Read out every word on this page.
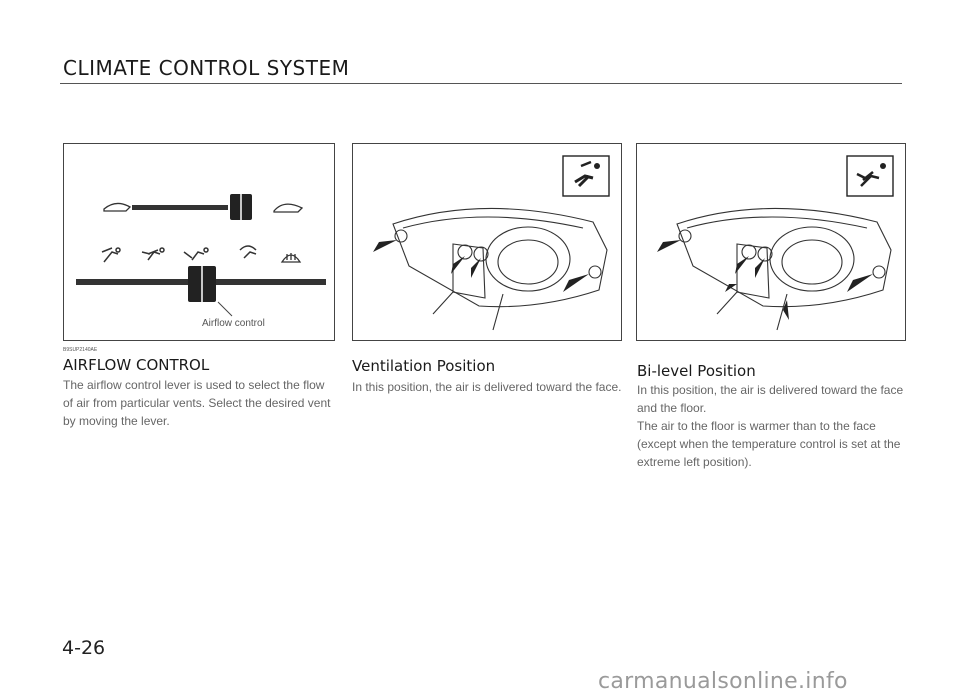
CLIMATE CONTROL SYSTEM
Airflow control
B9SUP2140AE
AIRFLOW CONTROL
The airflow control lever is used to select the flow of air from particular vents. Select the desired vent by moving the lever.
Ventilation Position
In this position, the air is delivered toward the face.
Bi-level Position
In this position, the air is delivered toward the face and the floor.
The air to the floor is warmer than to the face (except when the temperature control is set at the extreme left position).
4-26
carmanualsonline.info
